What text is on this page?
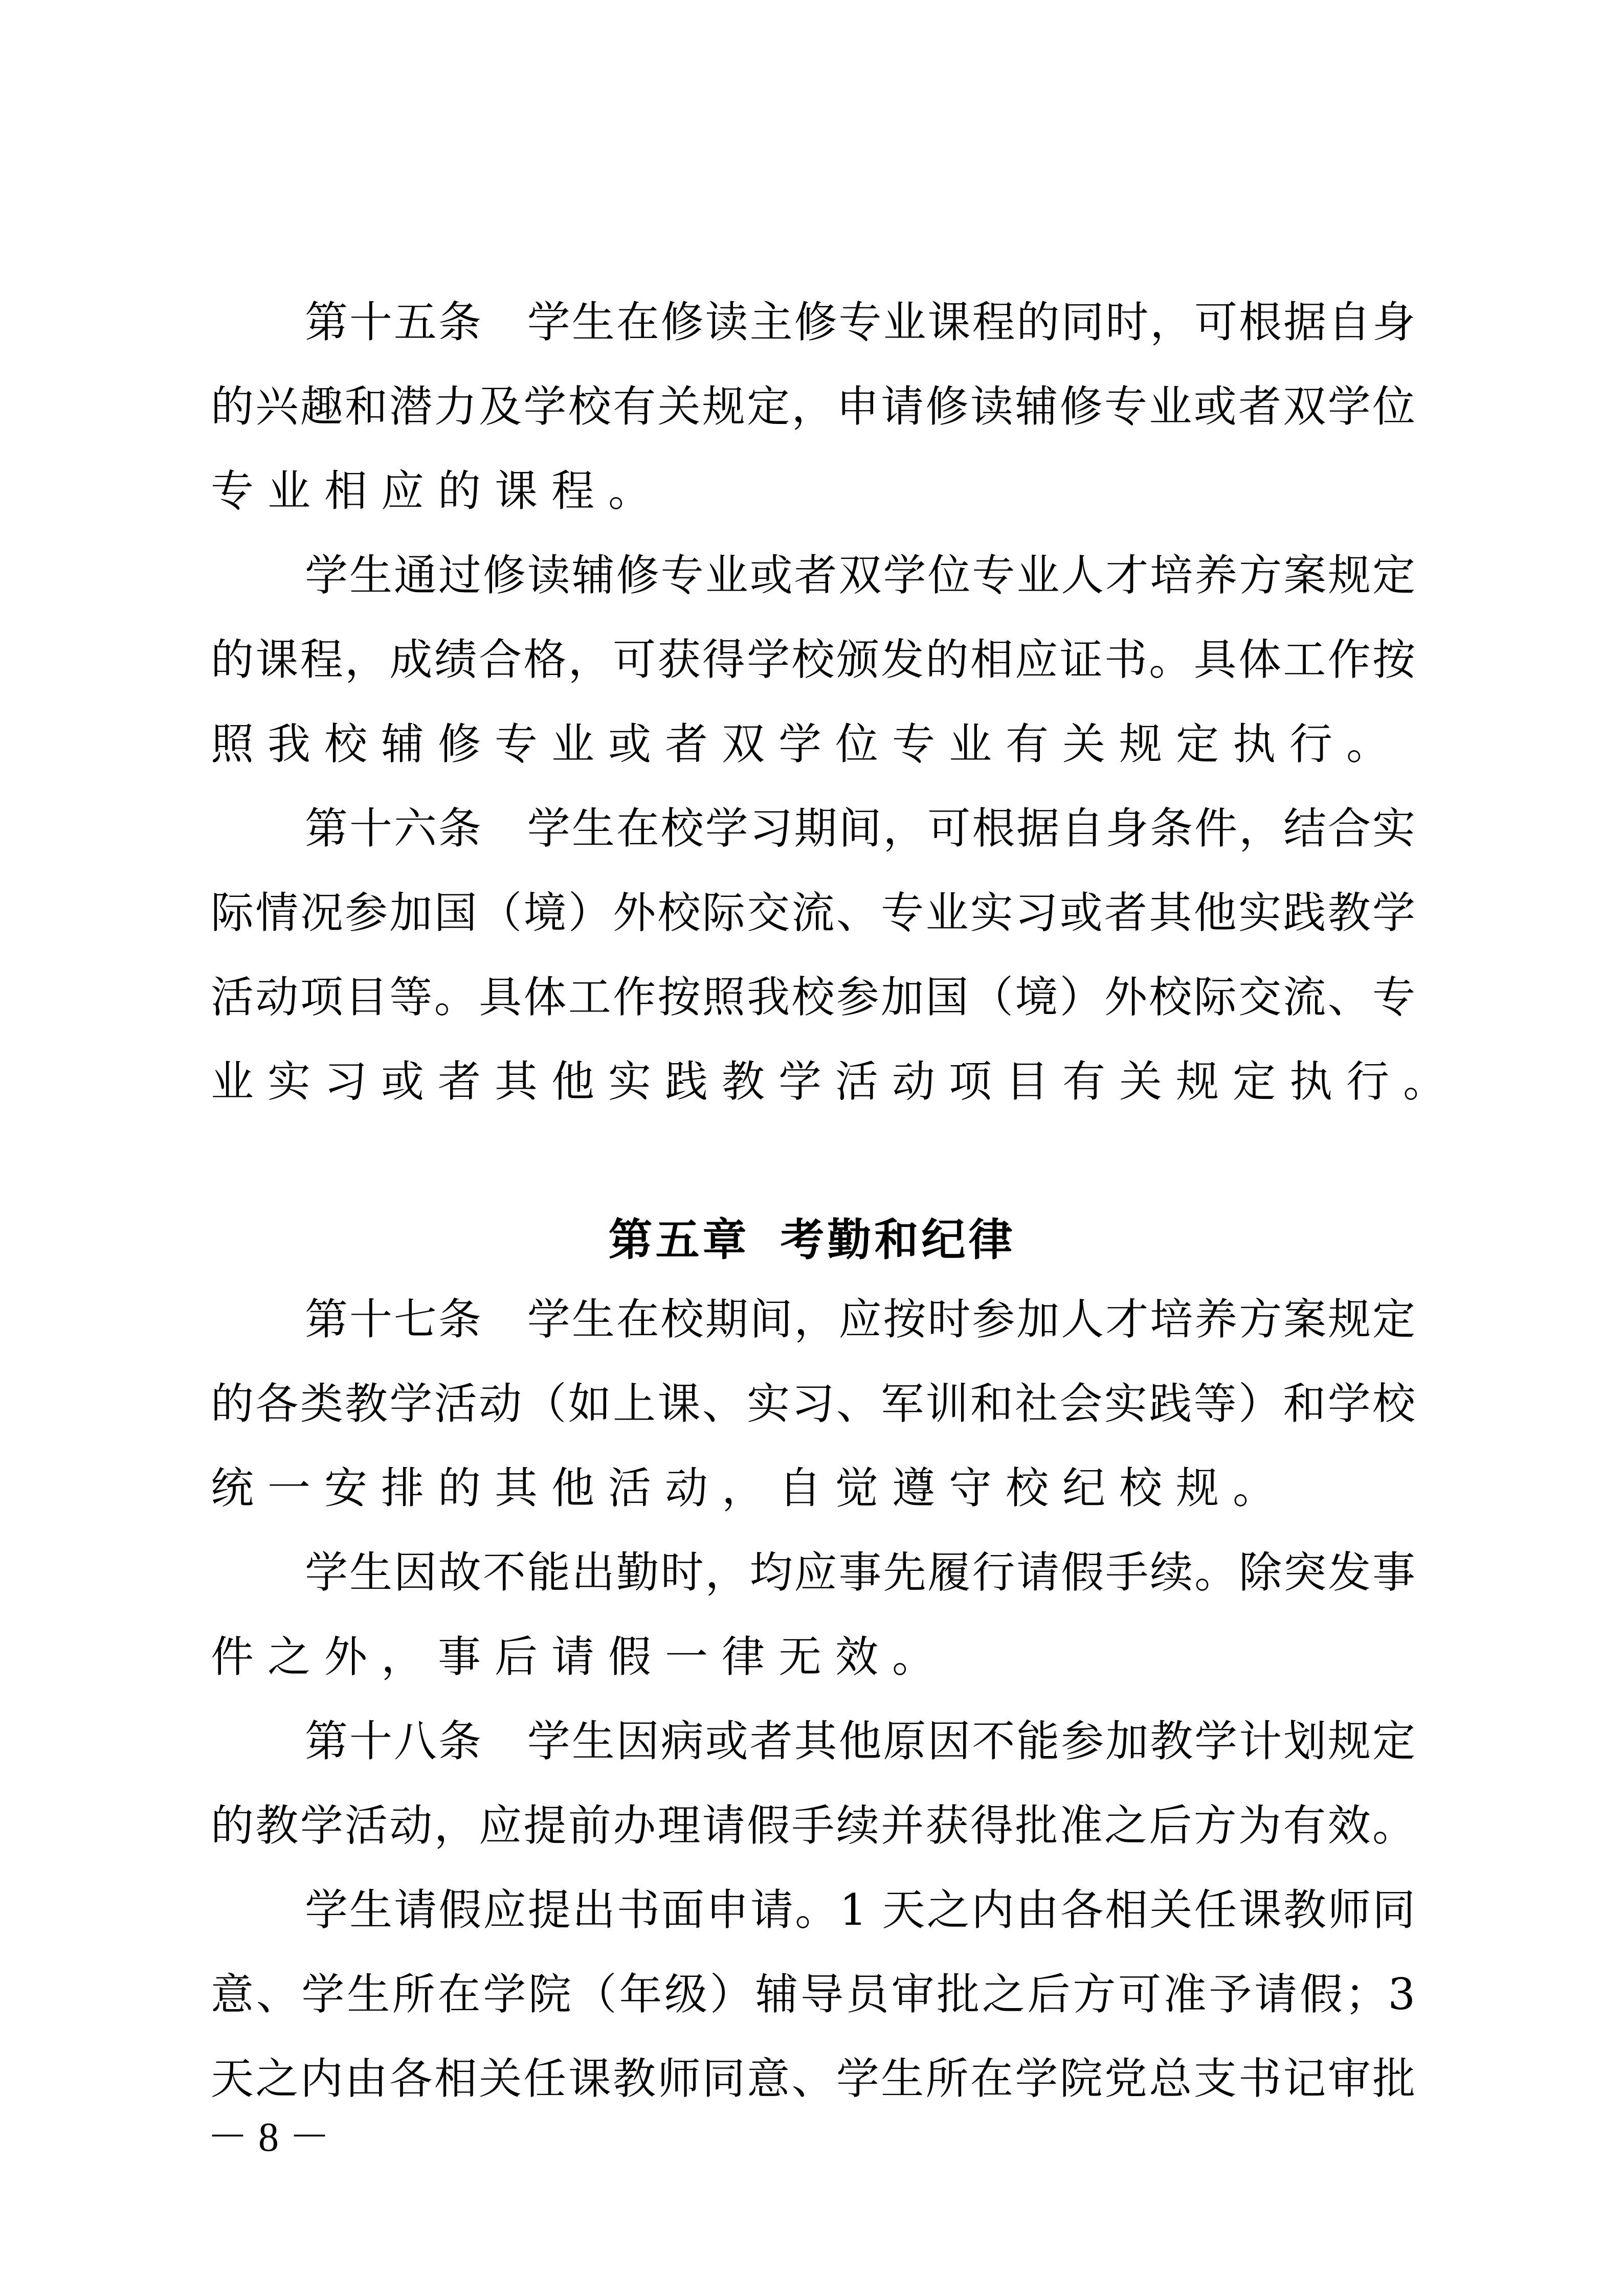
第十五条　学生在修读主修专业课程的同时，可根据自身
的兴趣和潜力及学校有关规定，申请修读辅修专业或者双学位
专业相应的课程。
学生通过修读辅修专业或者双学位专业人才培养方案规定
的课程，成绩合格，可获得学校颁发的相应证书。具体工作按
照我校辅修专业或者双学位专业有关规定执行。
第十六条　学生在校学习期间，可根据自身条件，结合实
际情况参加国（境）外校际交流、专业实习或者其他实践教学
活动项目等。具体工作按照我校参加国（境）外校际交流、专
业实习或者其他实践教学活动项目有关规定执行。
第五章 考勤和纪律
第十七条　学生在校期间，应按时参加人才培养方案规定
的各类教学活动（如上课、实习、军训和社会实践等）和学校
统一安排的其他活动，自觉遵守校纪校规。
学生因故不能出勤时，均应事先履行请假手续。除突发事
件之外，事后请假一律无效。
第十八条　学生因病或者其他原因不能参加教学计划规定
的教学活动，应提前办理请假手续并获得批准之后方为有效。
学生请假应提出书面申请。1 天之内由各相关任课教师同
意、学生所在学院（年级）辅导员审批之后方可准予请假；3
天之内由各相关任课教师同意、学生所在学院党总支书记审批
－ 8 －
